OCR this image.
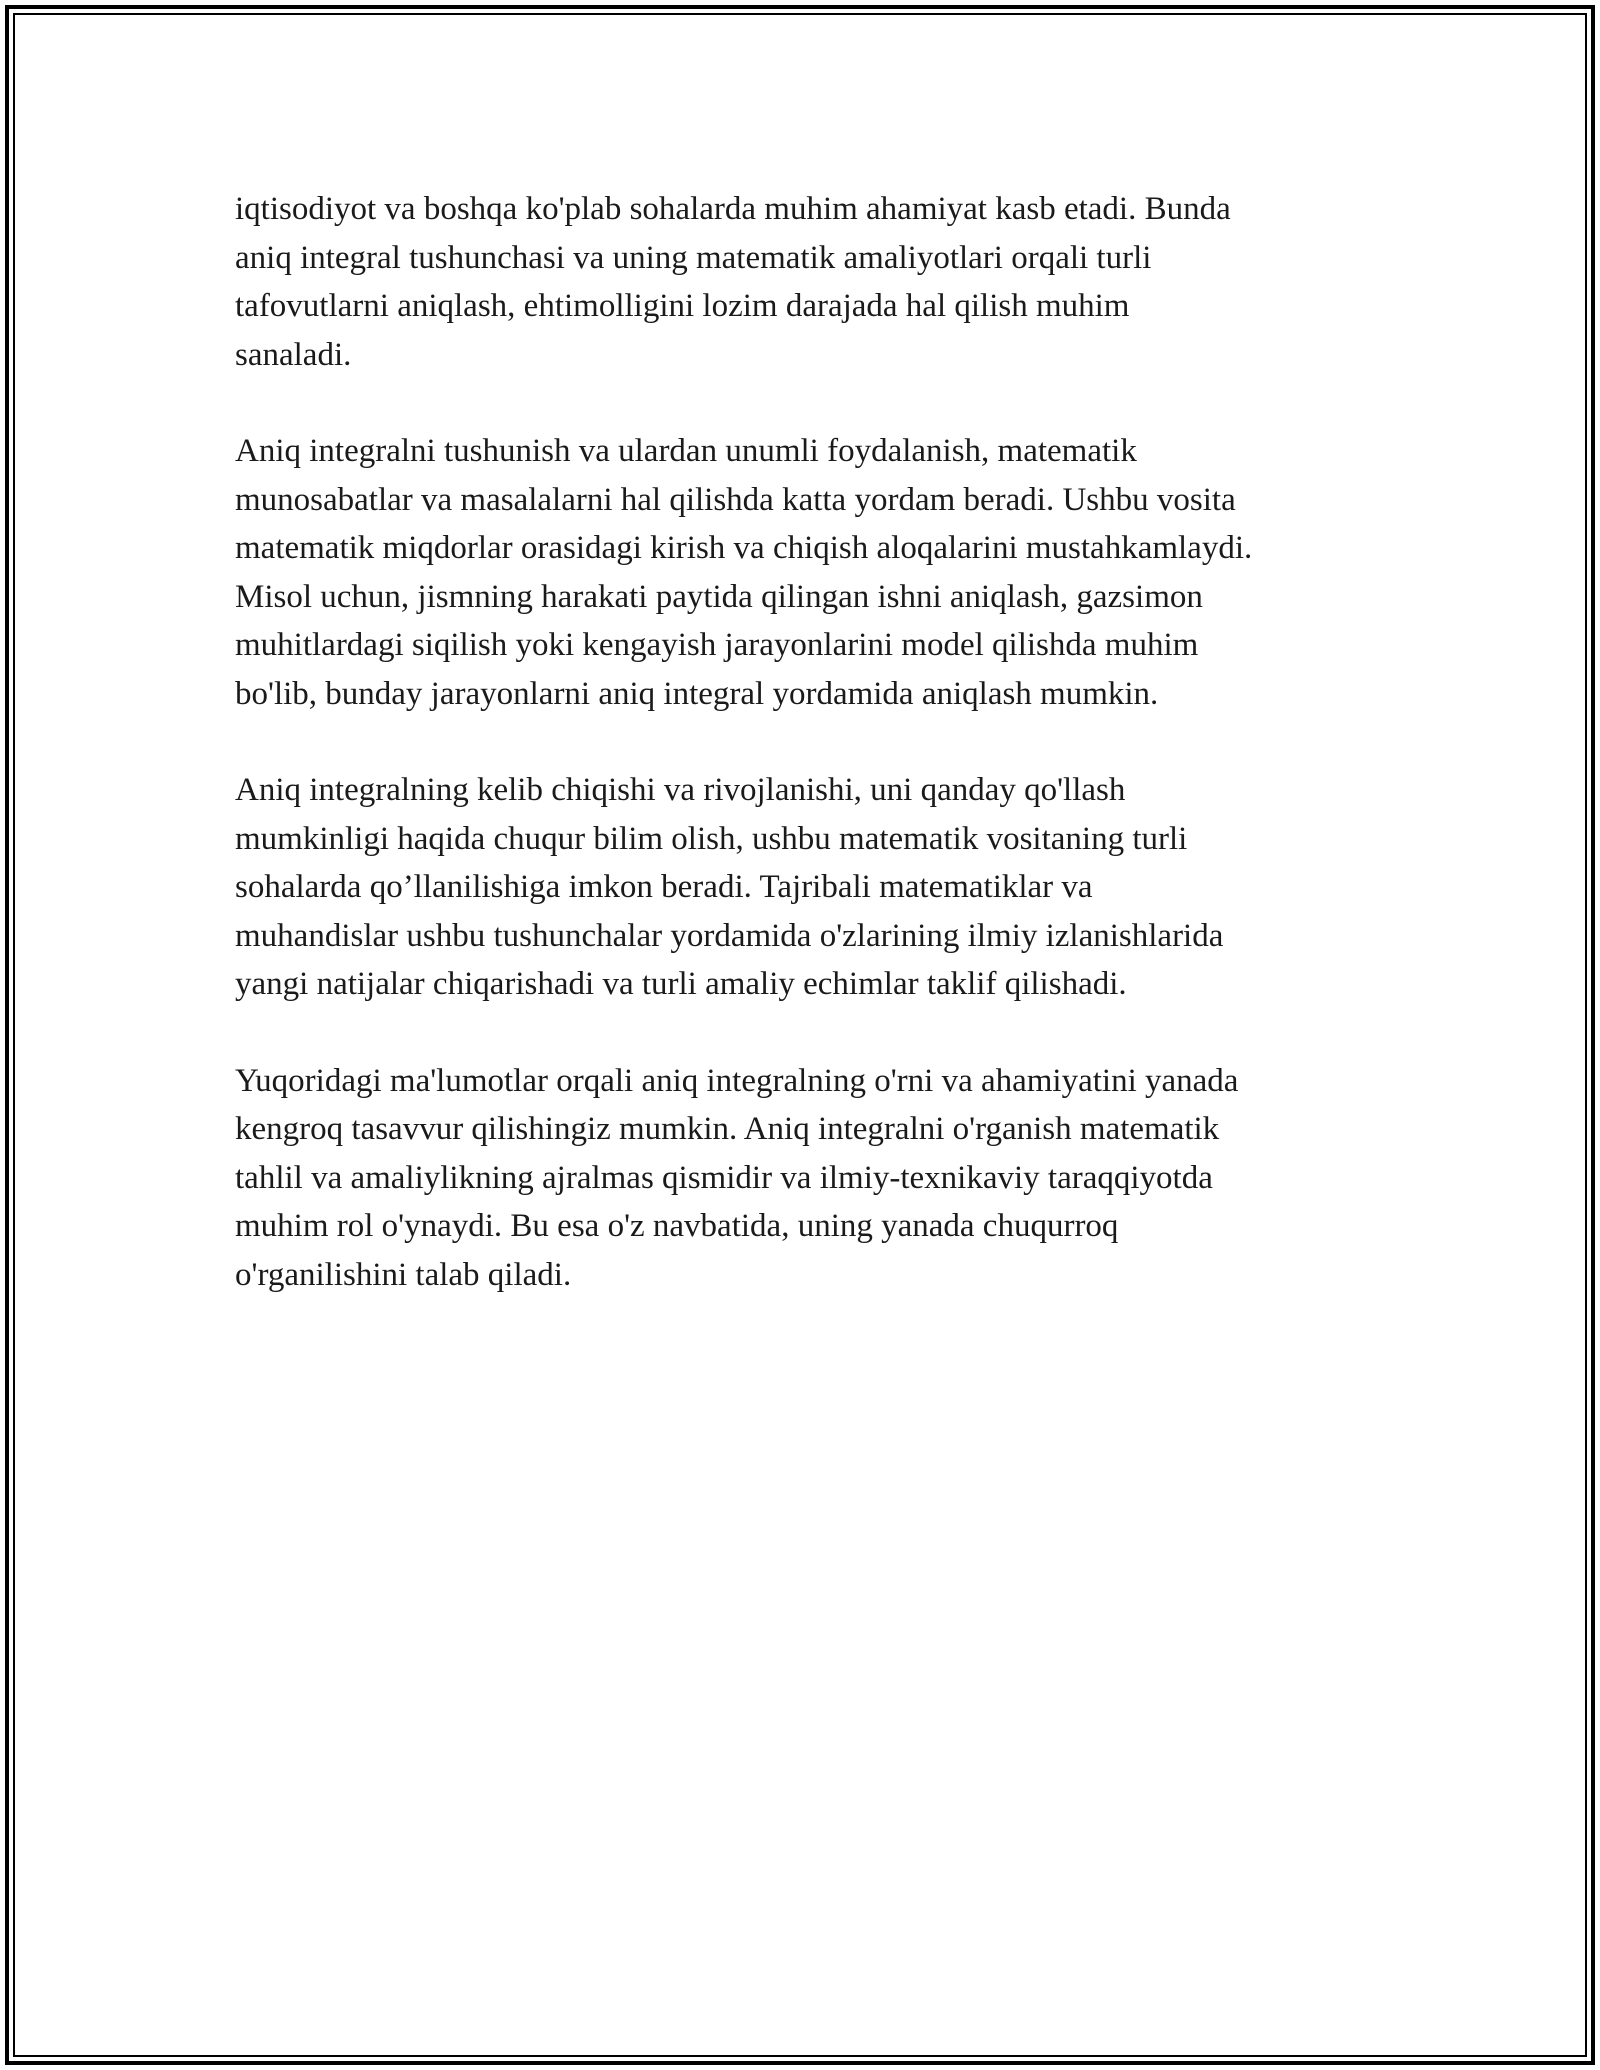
iqtisodiyot va boshqa ko'plab sohalarda muhim ahamiyat kasb etadi. Bunda
aniq integral tushunchasi va uning matematik amaliyotlari orqali turli
tafovutlarni aniqlash, ehtimolligini lozim darajada hal qilish muhim
sanaladi.

Aniq integralni tushunish va ulardan unumli foydalanish, matematik
munosabatlar va masalalarni hal qilishda katta yordam beradi. Ushbu vosita
matematik miqdorlar orasidagi kirish va chiqish aloqalarini mustahkamlaydi.
Misol uchun, jismning harakati paytida qilingan ishni aniqlash, gazsimon
muhitlardagi siqilish yoki kengayish jarayonlarini model qilishda muhim
bo'lib, bunday jarayonlarni aniq integral yordamida aniqlash mumkin.

Aniq integralning kelib chiqishi va rivojlanishi, uni qanday qo'llash
mumkinligi haqida chuqur bilim olish, ushbu matematik vositaning turli
sohalarda qo’llanilishiga imkon beradi. Tajribali matematiklar va
muhandislar ushbu tushunchalar yordamida o'zlarining ilmiy izlanishlarida
yangi natijalar chiqarishadi va turli amaliy echimlar taklif qilishadi.

Yuqoridagi ma'lumotlar orqali aniq integralning o'rni va ahamiyatini yanada
kengroq tasavvur qilishingiz mumkin. Aniq integralni o'rganish matematik
tahlil va amaliylikning ajralmas qismidir va ilmiy-texnikaviy taraqqiyotda
muhim rol o'ynaydi. Bu esa o'z navbatida, uning yanada chuqurroq
o'rganilishini talab qiladi.
